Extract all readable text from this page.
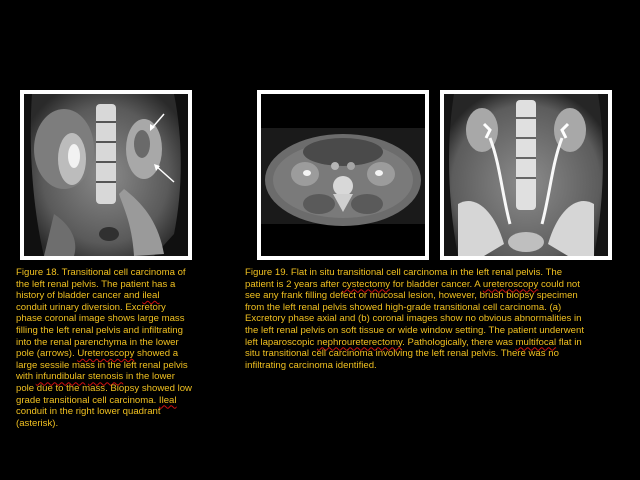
Figure 18. Transitional cell carcinoma of
the left renal pelvis. The patient has a
history of bladder cancer and ileal
conduit urinary diversion. Excretory
phase coronal image shows large mass
filling the left renal pelvis and infiltrating
into the renal parenchyma in the lower
pole (arrows). Ureteroscopy showed a
large sessile mass in the left renal pelvis
with infundibular stenosis in the lower
pole due to the mass. Biopsy showed low
grade transitional cell carcinoma. Ileal
conduit in the right lower quadrant
(asterisk).

Figure 19. Flat in situ transitional cell carcinoma in the left renal pelvis. The
patient is 2 years after cystectomy for bladder cancer. A ureteroscopy could not
see any frank filling defect or mucosal lesion, however, brush biopsy specimen
from the left renal pelvis showed high-grade transitional cell carcinoma. (a)
Excretory phase axial and (b) coronal images show no obvious abnormalities in
the left renal pelvis on soft tissue or wide window setting. The patient underwent
left laparoscopic nephroureterectomy. Pathologically, there was multifocal flat in
situ transitional cell carcinoma involving the left renal pelvis. There was no
infiltrating carcinoma identified.
